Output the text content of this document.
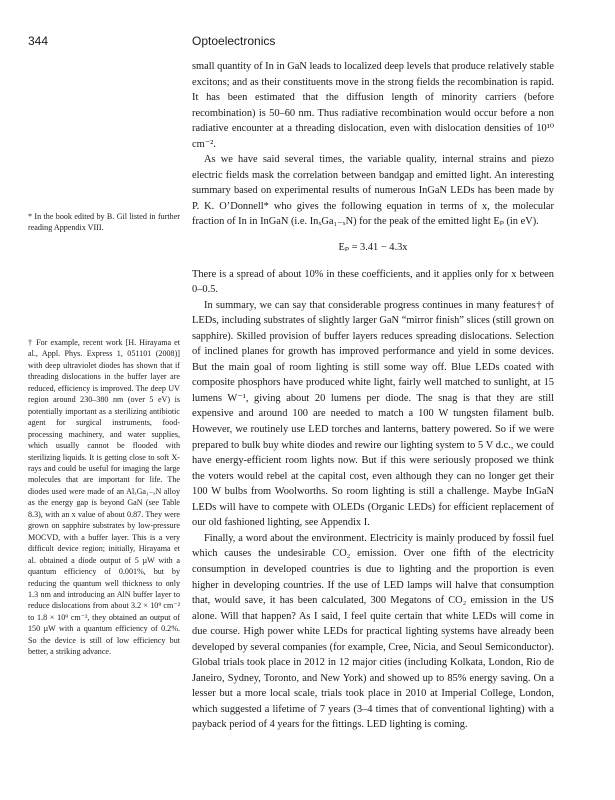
344	Optoelectronics

small quantity of In in GaN leads to localized deep levels that produce relatively stable excitons; and as their constituents move in the strong fields the recombination is rapid. It has been estimated that the diffusion length of minority carriers (before recombination) is 50–60 nm. Thus radiative recombination would occur before a non radiative encounter at a threading dislocation, even with dislocation densities of 10¹⁰ cm⁻².

As we have said several times, the variable quality, internal strains and piezo electric fields mask the correlation between bandgap and emitted light. An interesting summary based on experimental results of numerous InGaN LEDs has been made by P. K. O’Donnell* who gives the following equation in terms of x, the molecular fraction of In in InGaN (i.e. InₓGa₁₋ₓN) for the peak of the emitted light Eₚ (in eV).

Eₚ = 3.41 − 4.3x

There is a spread of about 10% in these coefficients, and it applies only for x between 0–0.5.

In summary, we can say that considerable progress continues in many features† of LEDs, including substrates of slightly larger GaN “mirror finish” slices (still grown on sapphire). Skilled provision of buffer layers reduces spreading dislocations. Selection of inclined planes for growth has improved performance and yield in some devices. But the main goal of room lighting is still some way off. Blue LEDs coated with composite phosphors have produced white light, fairly well matched to sunlight, at 15 lumens W⁻¹, giving about 20 lumens per diode. The snag is that they are still expensive and around 100 are needed to match a 100 W tungsten filament bulb. However, we routinely use LED torches and lanterns, battery powered. So if we were prepared to bulk buy white diodes and rewire our lighting system to 5 V d.c., we could have energy-efficient room lights now. But if this were seriously proposed we think the voters would rebel at the capital cost, even although they can no longer get their 100 W bulbs from Woolworths. So room lighting is still a challenge. Maybe InGaN LEDs will have to compete with OLEDs (Organic LEDs) for efficient replacement of our old fashioned lighting, see Appendix I.

Finally, a word about the environment. Electricity is mainly produced by fossil fuel which causes the undesirable CO₂ emission. Over one fifth of the electricity consumption in developed countries is due to lighting and the proportion is even higher in developing countries. If the use of LED lamps will halve that consumption that, would save, it has been calculated, 300 Megatons of CO₂ emission in the US alone. Will that happen? As I said, I feel quite certain that white LEDs will come in due course. High power white LEDs for practical lighting systems have already been developed by several companies (for example, Cree, Nicia, and Seoul Semiconductor). Global trials took place in 2012 in 12 major cities (including Kolkata, London, Rio de Janeiro, Sydney, Toronto, and New York) and showed up to 85% energy saving. On a lesser but a more local scale, trials took place in 2010 at Imperial College, London, which suggested a lifetime of 7 years (3–4 times that of conventional lighting) with a payback period of 4 years for the fittings. LED lighting is coming.

* In the book edited by B. Gil listed in further reading Appendix VIII.
† For example, recent work [H. Hirayama et al., Appl. Phys. Express 1, 051101 (2008)] with deep ultraviolet diodes has shown that if threading dislocations in the buffer layer are reduced, efficiency is improved. The deep UV region around 230–380 nm (over 5 eV) is potentially important as a sterilizing antibiotic agent for surgical instruments, food-processing machinery, and water supplies, which usually cannot be flooded with sterilizing liquids. It is getting close to soft X-rays and could be useful for imaging the large molecules that are important for life. The diodes used were made of an AlₓGa₁₋ₓN alloy as the energy gap is beyond GaN (see Table 8.3), with an x value of about 0.87. They were grown on sapphire substrates by low-pressure MOCVD, with a buffer layer. This is a very difficult device region; initially, Hirayama et al. obtained a diode output of 5 µW with a quantum efficiency of 0.001%, but by reducing the quantum well thickness to only 1.3 nm and introducing an AlN buffer layer to reduce dislocations from about 3.2 × 10⁹ cm⁻² to 1.8 × 10⁹ cm⁻², they obtained an output of 150 µW with a quantum efficiency of 0.2%. So the device is still of low efficiency but better, a striking advance.
